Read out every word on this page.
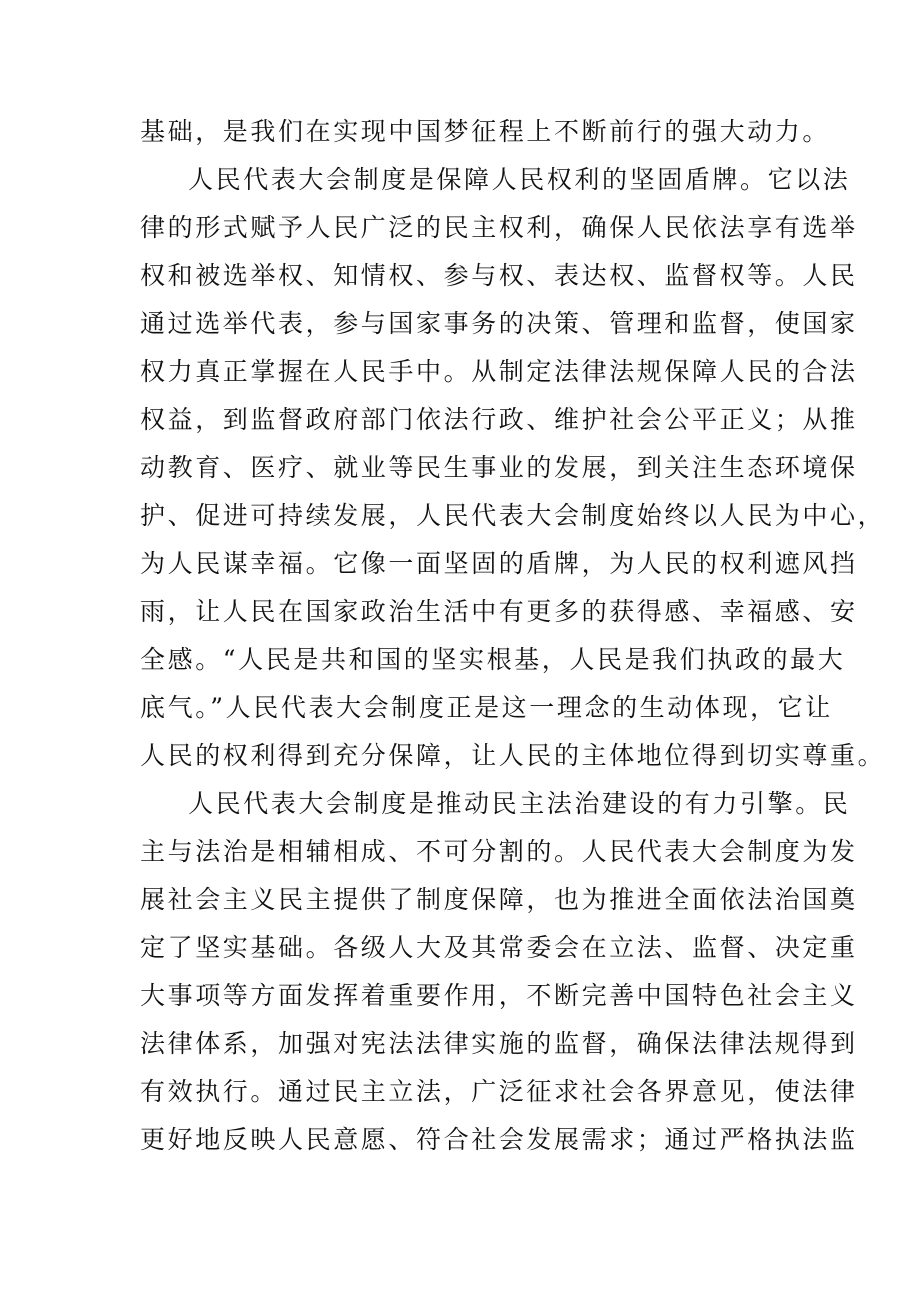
基础，是我们在实现中国梦征程上不断前行的强大动力。
人民代表大会制度是保障人民权利的坚固盾牌。它以法
律的形式赋予人民广泛的民主权利，确保人民依法享有选举
权和被选举权、知情权、参与权、表达权、监督权等。人民
通过选举代表，参与国家事务的决策、管理和监督，使国家
权力真正掌握在人民手中。从制定法律法规保障人民的合法
权益，到监督政府部门依法行政、维护社会公平正义；从推
动教育、医疗、就业等民生事业的发展，到关注生态环境保
护、促进可持续发展，人民代表大会制度始终以人民为中心，
为人民谋幸福。它像一面坚固的盾牌，为人民的权利遮风挡
雨，让人民在国家政治生活中有更多的获得感、幸福感、安
全感。“人民是共和国的坚实根基，人民是我们执政的最大
底气。”人民代表大会制度正是这一理念的生动体现，它让
人民的权利得到充分保障，让人民的主体地位得到切实尊重。
人民代表大会制度是推动民主法治建设的有力引擎。民
主与法治是相辅相成、不可分割的。人民代表大会制度为发
展社会主义民主提供了制度保障，也为推进全面依法治国奠
定了坚实基础。各级人大及其常委会在立法、监督、决定重
大事项等方面发挥着重要作用，不断完善中国特色社会主义
法律体系，加强对宪法法律实施的监督，确保法律法规得到
有效执行。通过民主立法，广泛征求社会各界意见，使法律
更好地反映人民意愿、符合社会发展需求；通过严格执法监
